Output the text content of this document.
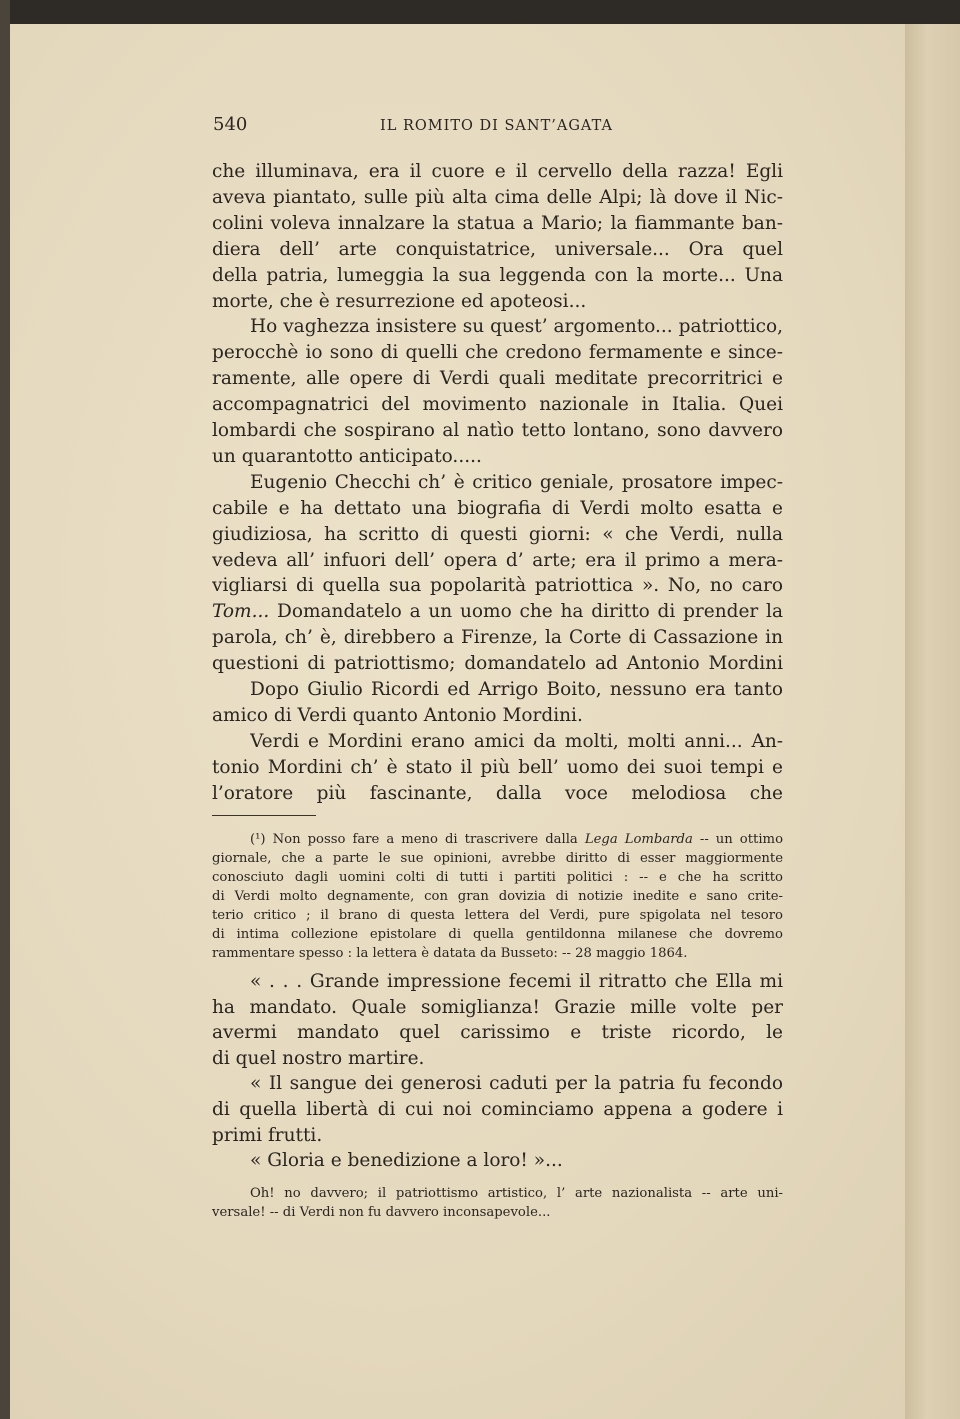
540	IL ROMITO DI SANT’AGATA
che illuminava, era il cuore e il cervello della razza! Egli
aveva piantato, sulle più alta cima delle Alpi; là dove il Nic-
colini voleva innalzare la statua a Mario; la fiammante ban-
diera dell’ arte conquistatrice, universale... Ora quel
della patria, lumeggia la sua leggenda con la morte... Una
morte, che è resurrezione ed apoteosi...
Ho vaghezza insistere su quest’ argomento... patriottico,
perocchè io sono di quelli che credono fermamente e since-
ramente, alle opere di Verdi quali meditate precorritrici e
accompagnatrici del movimento nazionale in Italia. Quei
lombardi che sospirano al natìo tetto lontano, sono davvero
un quarantotto anticipato.....
Eugenio Checchi ch’ è critico geniale, prosatore impec-
cabile e ha dettato una biografia di Verdi molto esatta e
giudiziosa, ha scritto di questi giorni: « che Verdi, nulla
vedeva all’ infuori dell’ opera d’ arte; era il primo a mera-
vigliarsi di quella sua popolarità patriottica ». No, no caro
Tom... Domandatelo a un uomo che ha diritto di prender la
parola, ch’ è, direbbero a Firenze, la Corte di Cassazione in
questioni di patriottismo; domandatelo ad Antonio Mordini
Dopo Giulio Ricordi ed Arrigo Boito, nessuno era tanto
amico di Verdi quanto Antonio Mordini.
Verdi e Mordini erano amici da molti, molti anni... An-
tonio Mordini ch’ è stato il più bell’ uomo dei suoi tempi e
l’oratore più fascinante, dalla voce melodiosa che
(¹) Non posso fare a meno di trascrivere dalla Lega Lombarda -- un ottimo
giornale, che a parte le sue opinioni, avrebbe diritto di esser maggiormente
conosciuto dagli uomini colti di tutti i partiti politici : -- e che ha scritto
di Verdi molto degnamente, con gran dovizia di notizie inedite e sano crite-
terio critico ; il brano di questa lettera del Verdi, pure spigolata nel tesoro
di intima collezione epistolare di quella gentildonna milanese che dovremo
rammentare spesso : la lettera è datata da Busseto: -- 28 maggio 1864.
« . . . Grande impressione fecemi il ritratto che Ella mi
ha mandato. Quale somiglianza! Grazie mille volte per
avermi mandato quel carissimo e triste ricordo, le
di quel nostro martire.
« Il sangue dei generosi caduti per la patria fu fecondo
di quella libertà di cui noi cominciamo appena a godere i
primi frutti.
« Gloria e benedizione a loro! »...
Oh! no davvero; il patriottismo artistico, l’ arte nazionalista -- arte uni-
versale! -- di Verdi non fu davvero inconsapevole...
